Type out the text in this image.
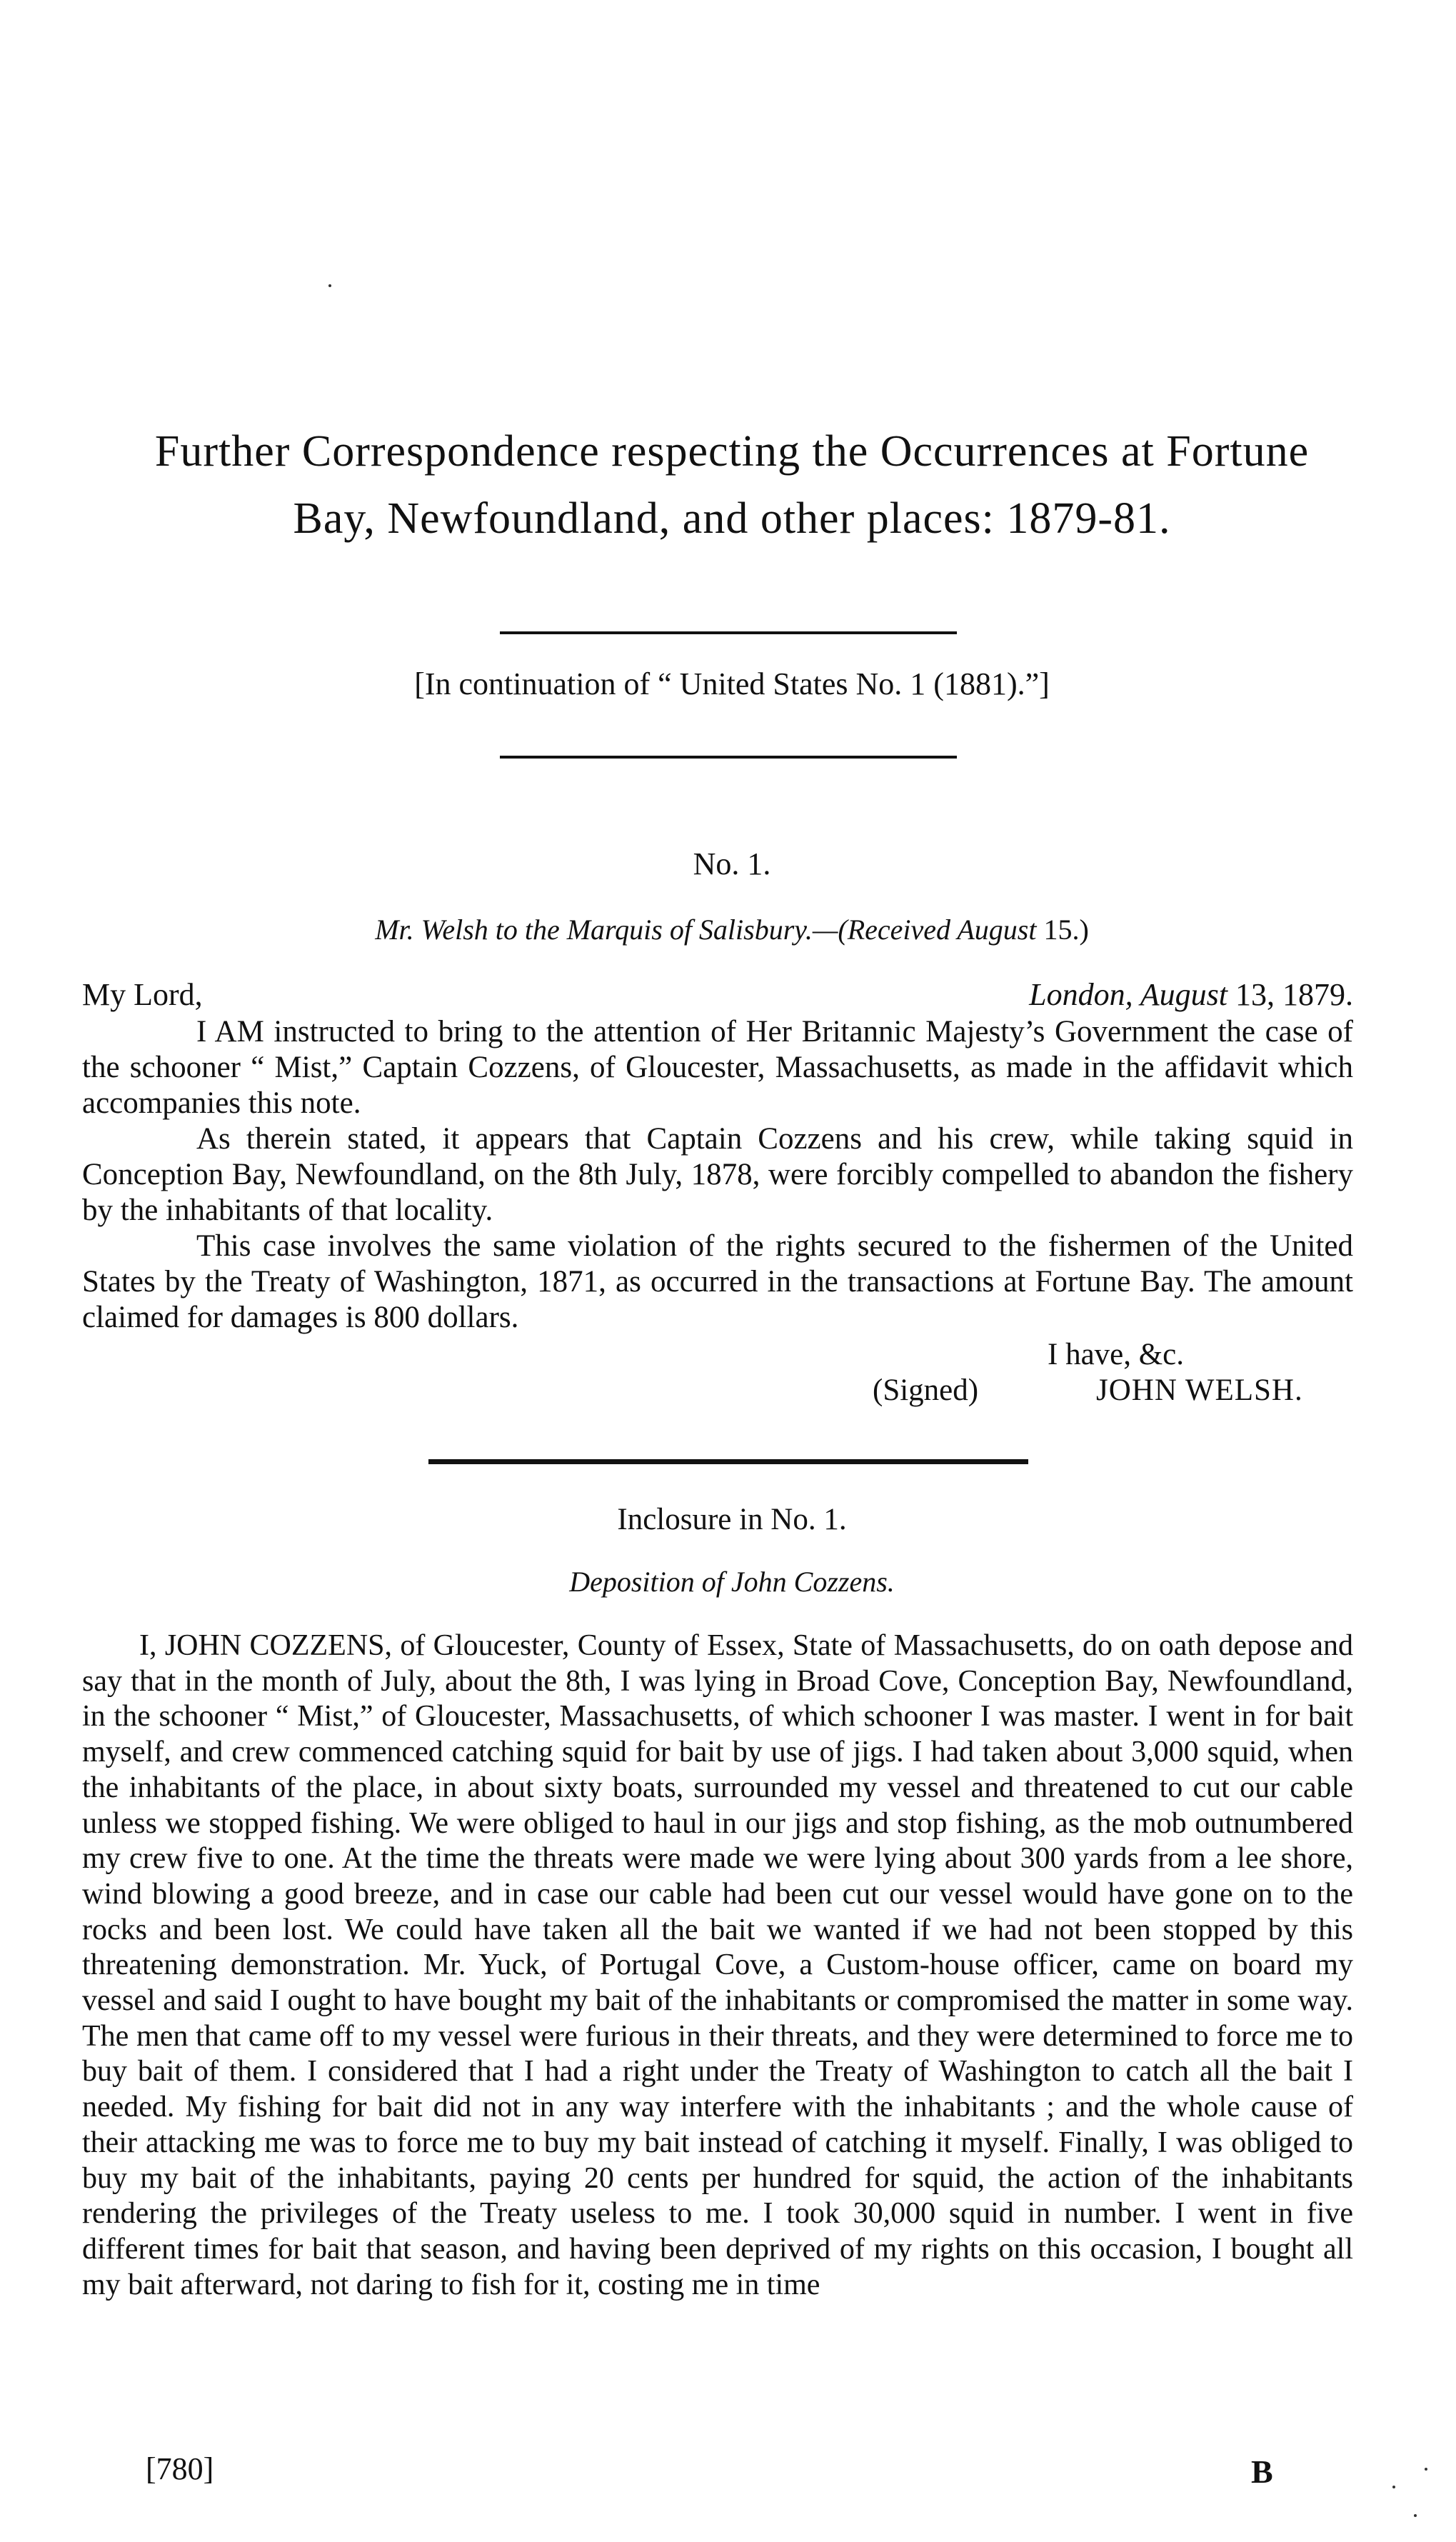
Further Correspondence respecting the Occurrences at Fortune
Bay, Newfoundland, and other places: 1879-81.
[In continuation of “ United States No. 1 (1881).”]
No. 1.
Mr. Welsh to the Marquis of Salisbury.—(Received August 15.)
My Lord,	London, August 13, 1879.

I AM instructed to bring to the attention of Her Britannic Majesty’s Government the case of the schooner “ Mist,” Captain Cozzens, of Gloucester, Massachusetts, as made in the affidavit which accompanies this note.

As therein stated, it appears that Captain Cozzens and his crew, while taking squid in Conception Bay, Newfoundland, on the 8th July, 1878, were forcibly compelled to abandon the fishery by the inhabitants of that locality.

This case involves the same violation of the rights secured to the fishermen of the United States by the Treaty of Washington, 1871, as occurred in the transactions at Fortune Bay. The amount claimed for damages is 800 dollars.

I have, &c.
(Signed)	JOHN WELSH.
Inclosure in No. 1.
Deposition of John Cozzens.

I, JOHN COZZENS, of Gloucester, County of Essex, State of Massachusetts, do on oath depose and say that in the month of July, about the 8th, I was lying in Broad Cove, Conception Bay, Newfoundland, in the schooner “ Mist,” of Gloucester, Massachusetts, of which schooner I was master. I went in for bait myself, and crew commenced catching squid for bait by use of jigs. I had taken about 3,000 squid, when the inhabitants of the place, in about sixty boats, surrounded my vessel and threatened to cut our cable unless we stopped fishing. We were obliged to haul in our jigs and stop fishing, as the mob outnumbered my crew five to one. At the time the threats were made we were lying about 300 yards from a lee shore, wind blowing a good breeze, and in case our cable had been cut our vessel would have gone on to the rocks and been lost. We could have taken all the bait we wanted if we had not been stopped by this threatening demonstration. Mr. Yuck, of Portugal Cove, a Custom-house officer, came on board my vessel and said I ought to have bought my bait of the inhabitants or compromised the matter in some way. The men that came off to my vessel were furious in their threats, and they were determined to force me to buy bait of them. I considered that I had a right under the Treaty of Washington to catch all the bait I needed. My fishing for bait did not in any way interfere with the inhabitants ; and the whole cause of their attacking me was to force me to buy my bait instead of catching it myself. Finally, I was obliged to buy my bait of the inhabitants, paying 20 cents per hundred for squid, the action of the inhabitants rendering the privileges of the Treaty useless to me. I took 30,000 squid in number. I went in five different times for bait that season, and having been deprived of my rights on this occasion, I bought all my bait afterward, not daring to fish for it, costing me in time

[780]	B
